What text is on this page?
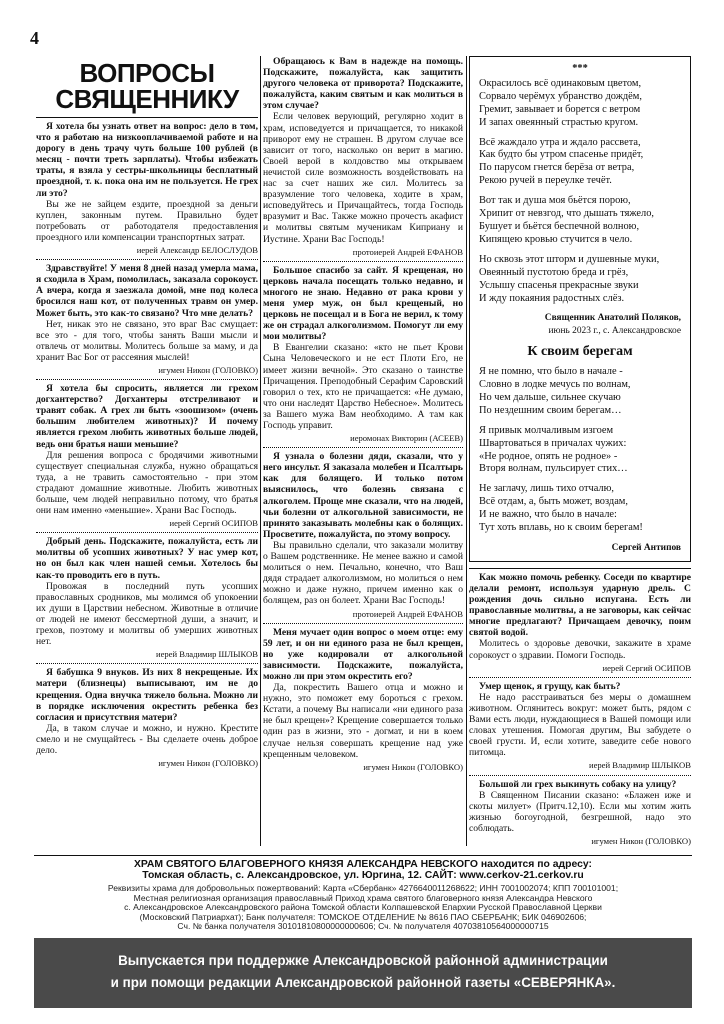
4
ВОПРОСЫ СВЯЩЕННИКУ

Я хотела бы узнать ответ на вопрос: дело в том, что я работаю на низкооплачиваемой работе и на дорогу в день трачу чуть больше 100 рублей (в месяц - почти треть зарплаты). Чтобы избежать траты, я взяла у сестры-школьницы бесплатный проездной, т. к. пока она им не пользуется. Не грех ли это?

Вы же не зайцем ездите, проездной за деньги куплен, законным путем. Правильно будет потребовать от работодателя предоставления проездного или компенсации транспортных затрат.

иерей Александр БЕЛОСЛУДОВ

Здравствуйте! У меня 8 дней назад умерла мама, я сходила в Храм, помолилась, заказала сорокоуст. А вчера, когда я заезжала домой, мне под колеса бросился наш кот, от полученных травм он умер. Может быть, это как-то связано? Что мне делать?

Нет, никак это не связано, это враг Вас смущает: все это - для того, чтобы занять Ваши мысли и отвлечь от молитвы. Молитесь больше за маму, и да хранит Вас Бог от рассеяния мыслей!

игумен Никон (ГОЛОВКО)

Я хотела бы спросить, является ли грехом догхантерство? Догхантеры отстреливают и травят собак. А грех ли быть «зоошизом» (очень большим любителем животных)? И почему является грехом любить животных больше людей, ведь они братья наши меньшие?

Для решения вопроса с бродячими животными существует специальная служба, нужно обращаться туда, а не травить самостоятельно - при этом страдают домашние животные. Любить животных больше, чем людей неправильно потому, что братья они нам именно «меньшие». Храни Вас Господь.

иерей Сергий ОСИПОВ

Добрый день. Подскажите, пожалуйста, есть ли молитвы об усопших животных? У нас умер кот, но он был как член нашей семьи. Хотелось бы как-то проводить его в путь.

Провожая в последний путь усопших православных сродников, мы молимся об упокоении их души в Царствии небесном. Животные в отличие от людей не имеют бессмертной души, а значит, и грехов, поэтому и молитвы об умерших животных нет.

иерей Владимир ШЛЫКОВ

Я бабушка 9 внуков. Из них 8 некрещеные. Их матери (близнецы) выписывают, им не до крещения. Одна внучка тяжело больна. Можно ли в порядке исключения окрестить ребенка без согласия и присутствия матери?

Да, в таком случае и можно, и нужно. Крестите смело и не смущайтесь - Вы сделаете очень доброе дело.

игумен Никон (ГОЛОВКО)

Обращаюсь к Вам в надежде на помощь. Подскажите, пожалуйста, как защитить другого человека от приворота? Подскажите, пожалуйста, каким святым и как молиться в этом случае?

Если человек верующий, регулярно ходит в храм, исповедуется и причащается, то никакой приворот ему не страшен. В другом случае все зависит от того, насколько он верит в магию. Своей верой в колдовство мы открываем нечистой силе возможность воздействовать на нас за счет наших же сил. Молитесь за вразумление того человека, ходите в храм, исповедуйтесь и Причащайтесь, тогда Господь вразумит и Вас. Также можно прочесть акафист и молитвы святым мученикам Киприану и Иустине. Храни Вас Господь!

протоиерей Андрей ЕФАНОВ

Большое спасибо за сайт. Я крещеная, но церковь начала посещать только недавно, и многого не знаю. Недавно от рака крови у меня умер муж, он был крещеный, но церковь не посещал и в Бога не верил, к тому же он страдал алкоголизмом. Помогут ли ему мои молитвы?

В Евангелии сказано: «кто не пьет Крови Сына Человеческого и не ест Плоти Его, не имеет жизни вечной». Это сказано о таинстве Причащения. Преподобный Серафим Саровский говорил о тех, кто не причащается: «Не думаю, что они наследят Царство Небесное». Молитесь за Вашего мужа Вам необходимо. А там как Господь управит.

иеромонах Викторин (АСЕЕВ)

Я узнала о болезни дяди, сказали, что у него инсульт. Я заказала молебен и Псалтырь как для болящего. И только потом выяснилось, что болезнь связана с алкоголем. Проще мне сказали, что на людей, чьи болезни от алкогольной зависимости, не принято заказывать молебны как о болящих. Просветите, пожалуйста, по этому вопросу.

Вы правильно сделали, что заказали молитву о Вашем родственнике. Не менее важно и самой молиться о нем. Печально, конечно, что Ваш дядя страдает алкоголизмом, но молиться о нем можно и даже нужно, причем именно как о болящем, раз он болеет. Храни Вас Господь!

протоиерей Андрей ЕФАНОВ

Меня мучает один вопрос о моем отце: ему 59 лет, и он ни единого раза не был крещен, но уже кодировали от алкогольной зависимости. Подскажите, пожалуйста, можно ли при этом окрестить его?

Да, покрестить Вашего отца и можно и нужно, это поможет ему бороться с грехом. Кстати, а почему Вы написали «ни единого раза не был крещен»? Крещение совершается только один раз в жизни, это - догмат, и ни в коем случае нельзя совершать крещение над уже крещенным человеком.

игумен Никон (ГОЛОВКО)
***
Окрасилось всё одинаковым цветом,
Сорвало черёмух убранство дождём,
Гремит, завывает и борется с ветром
И запах овеянный страстью кругом.
Всё жаждало утра и ждало рассвета,
Как будто бы утром спасенье придёт,
По парусом гнется берёза от ветра,
Рекою ручей в переулке течёт.
Вот так и душа моя бьётся порою,
Хрипит от невзгод, что дышать тяжело,
Бушует и бьётся беспечной волною,
Кипящею кровью стучится в чело.
Но сквозь этот шторм и душевные муки,
Овеянный пустотою бреда и грёз,
Услышу спасенья прекрасные звуки
И жду покаяния радостных слёз.
Священник Анатолий Поляков,
июнь 2023 г., с. Александровское
К своим берегам
Я не помню, что было в начале -
Словно в лодке мечусь по волнам,
Но чем дальше, сильнее скучаю
По нездешним своим берегам…
Я привык молчаливым изгоем
Швартоваться в причалах чужих:
«Не родное, опять не родное» -
Вторя волнам, пульсирует стих…
Не заглачу, лишь тихо отчалю,
Всё отдам, а, быть может, воздам,
И не важно, что было в начале:
Тут хоть вплавь, но к своим берегам!
Сергей Антипов

Как можно помочь ребенку. Соседи по квартире делали ремонт, используя ударную дрель. С рождения дочь сильно испугана. Есть ли православные молитвы, а не заговоры, как сейчас многие предлагают? Причащаем девочку, поим святой водой.

Молитесь о здоровье девочки, закажите в храме сорокоуст о здравии. Помоги Господь.

иерей Сергий ОСИПОВ

Умер щенок, я грущу, как быть?

Не надо расстраиваться без меры о домашнем животном. Оглянитесь вокруг: может быть, рядом с Вами есть люди, нуждающиеся в Вашей помощи или словах утешения. Помогая другим, Вы забудете о своей грусти. И, если хотите, заведите себе нового питомца.

иерей Владимир ШЛЫКОВ

Большой ли грех выкинуть собаку на улицу?

В Священном Писании сказано: «Блажен иже и скоты милует» (Притч.12,10). Если мы хотим жить жизнью богоугодной, безгрешной, надо это соблюдать.

игумен Никон (ГОЛОВКО)
ХРАМ СВЯТОГО БЛАГОВЕРНОГО КНЯЗЯ АЛЕКСАНДРА НЕВСКОГО находится по адресу:
Томская область, с. Александровское, ул. Юргина, 12. САЙТ: www.cerkov-21.cerkov.ru
Реквизиты храма для добровольных пожертвований: Карта «Сбербанк» 4276640011268622; ИНН 7001002074; КПП 700101001;
Местная религиозная организация православный Приход храма святого благоверного князя Александра Невского
с. Александровское Александровского района Томской области Колпашевской Епархии Русской Православной Церкви
(Московский Патриархат); Банк получателя: ТОМСКОЕ ОТДЕЛЕНИЕ № 8616 ПАО СБЕРБАНК; БИК 046902606;
Сч. № банка получателя 30101810800000000606; Сч. № получателя 40703810564000000715
Выпускается при поддержке Александровской районной администрации
и при помощи редакции Александровской районной газеты «СЕВЕРЯНКА».
